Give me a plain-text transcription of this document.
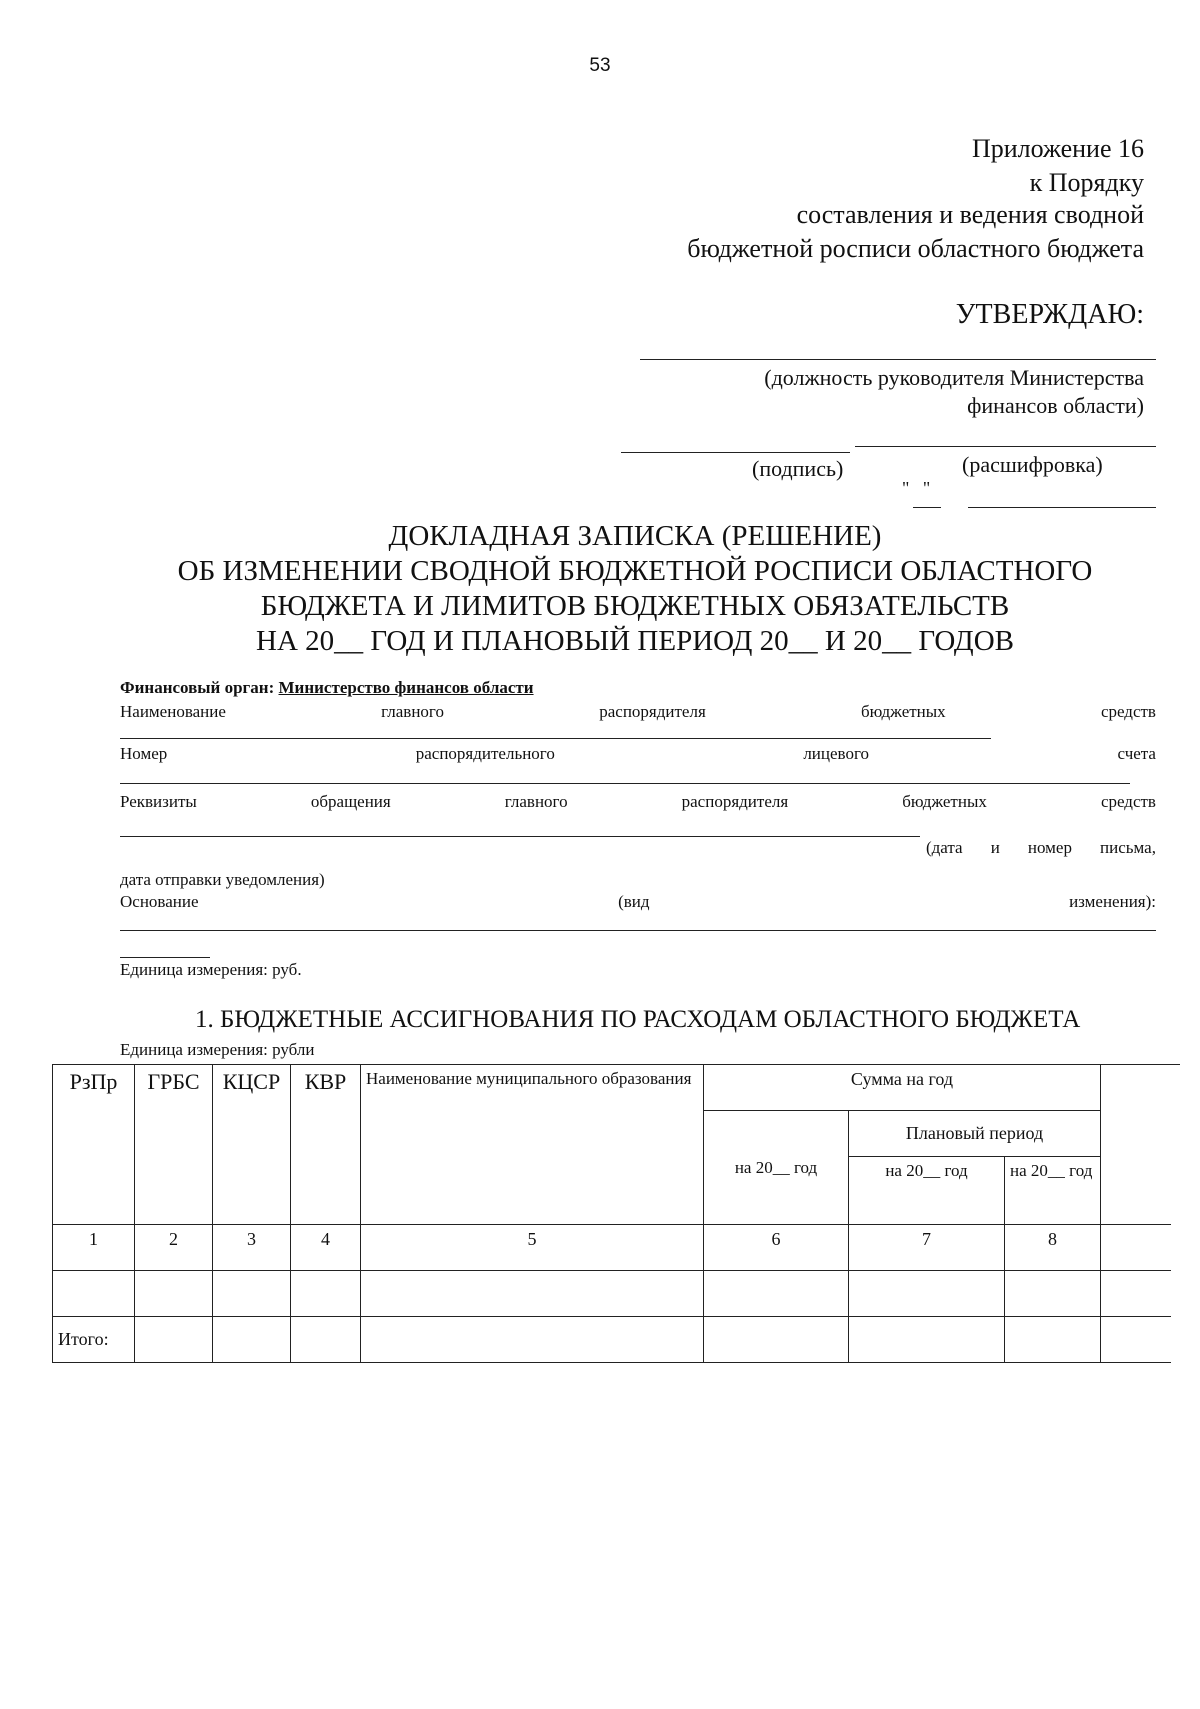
53
Приложение 16
к Порядку
составления и ведения сводной
бюджетной росписи областного бюджета
УТВЕРЖДАЮ:
(должность руководителя Министерства
финансов области)
(подпись)	(расшифровка)
"   "
ДОКЛАДНАЯ ЗАПИСКА (РЕШЕНИЕ)
ОБ ИЗМЕНЕНИИ СВОДНОЙ БЮДЖЕТНОЙ РОСПИСИ ОБЛАСТНОГО
БЮДЖЕТА И ЛИМИТОВ БЮДЖЕТНЫХ ОБЯЗАТЕЛЬСТВ
НА 20__ ГОД И ПЛАНОВЫЙ ПЕРИОД 20__ И 20__ ГОДОВ
Финансовый орган: Министерство финансов области
Наименование	главного	распорядителя	бюджетных	средств
Номер	распорядительного	лицевого	счета
Реквизиты	обращения	главного	распорядителя	бюджетных	средств
(дата и номер письма,
дата отправки уведомления)
Основание	(вид	изменения):
Единица измерения: руб.
1. БЮДЖЕТНЫЕ АССИГНОВАНИЯ ПО РАСХОДАМ ОБЛАСТНОГО БЮДЖЕТА
Единица измерения: рубли
РзПр	ГРБС	КЦСР	КВР	Наименование муниципального образования	Сумма на год			
					на 20__ год	Плановый период		
						на 20__ год	на 20__ год	
1	2	3	4	5	6	7	8	

Итого:								
